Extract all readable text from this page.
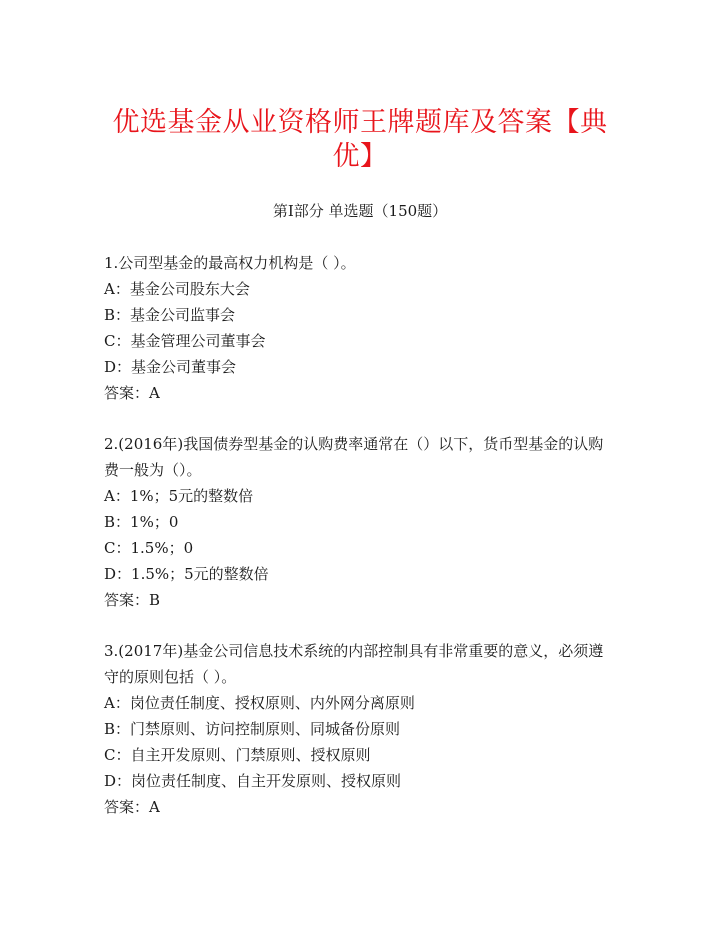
优选基金从业资格师王牌题库及答案【典优】
第I部分 单选题（150题）

1.公司型基金的最高权力机构是（ ）。

A：基金公司股东大会

B：基金公司监事会

C：基金管理公司董事会

D：基金公司董事会

答案：A

2.(2016年)我国债券型基金的认购费率通常在（）以下，货币型基金的认购费一般为（）。

A：1%；5元的整数倍

B：1%；0

C：1.5%；0

D：1.5%；5元的整数倍

答案：B

3.(2017年)基金公司信息技术系统的内部控制具有非常重要的意义，必须遵守的原则包括（ ）。

A：岗位责任制度、授权原则、内外网分离原则

B：门禁原则、访问控制原则、同城备份原则

C：自主开发原则、门禁原则、授权原则

D：岗位责任制度、自主开发原则、授权原则

答案：A
